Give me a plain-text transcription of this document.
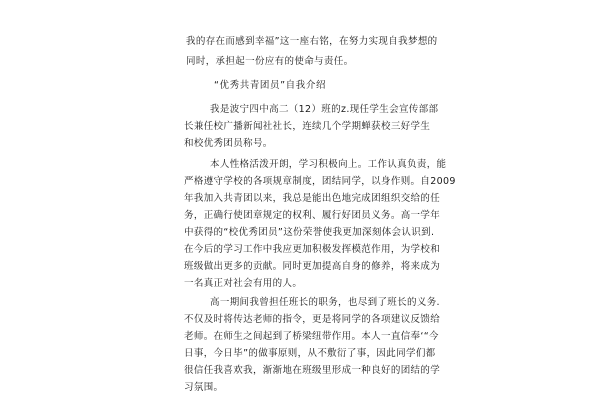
我的存在而感到幸福”这一座右铭，在努力实现自我梦想的
同时，承担起一份应有的使命与责任。
“优秀共青团员”自我介绍
我是波宁四中高二（12）班的z.现任学生会宣传部部
长兼任校广播新闻社社长，连续几个学期蝉获校三好学生
和校优秀团员称号。
本人性格活泼开朗，学习积极向上。工作认真负责，能
严格遵守学校的各项规章制度，团结同学，以身作则。自2009
年我加入共青团以来，我总是能出色地完成团组织交给的任
务，正确行使团章规定的权利、履行好团员义务。高一学年
中获得的“校优秀团员”这份荣誉使我更加深刻体会认识到.
在今后的学习工作中我应更加积极发挥模范作用，为学校和
班级做出更多的贡献。同时更加提高自身的修养，将来成为
一名真正对社会有用的人。
高一期间我曾担任班长的职务，也尽到了班长的义务.
不仅及时将传达老师的指令，更是将同学的各项建议反馈给
老师。在师生之间起到了桥梁纽带作用。本人一直信奉‘“今
日事，今日毕”的做事原则，从不敷衍了事，因此同学们都
很信任我喜欢我，渐渐地在班级里形成一种良好的团结的学
习氛围。
